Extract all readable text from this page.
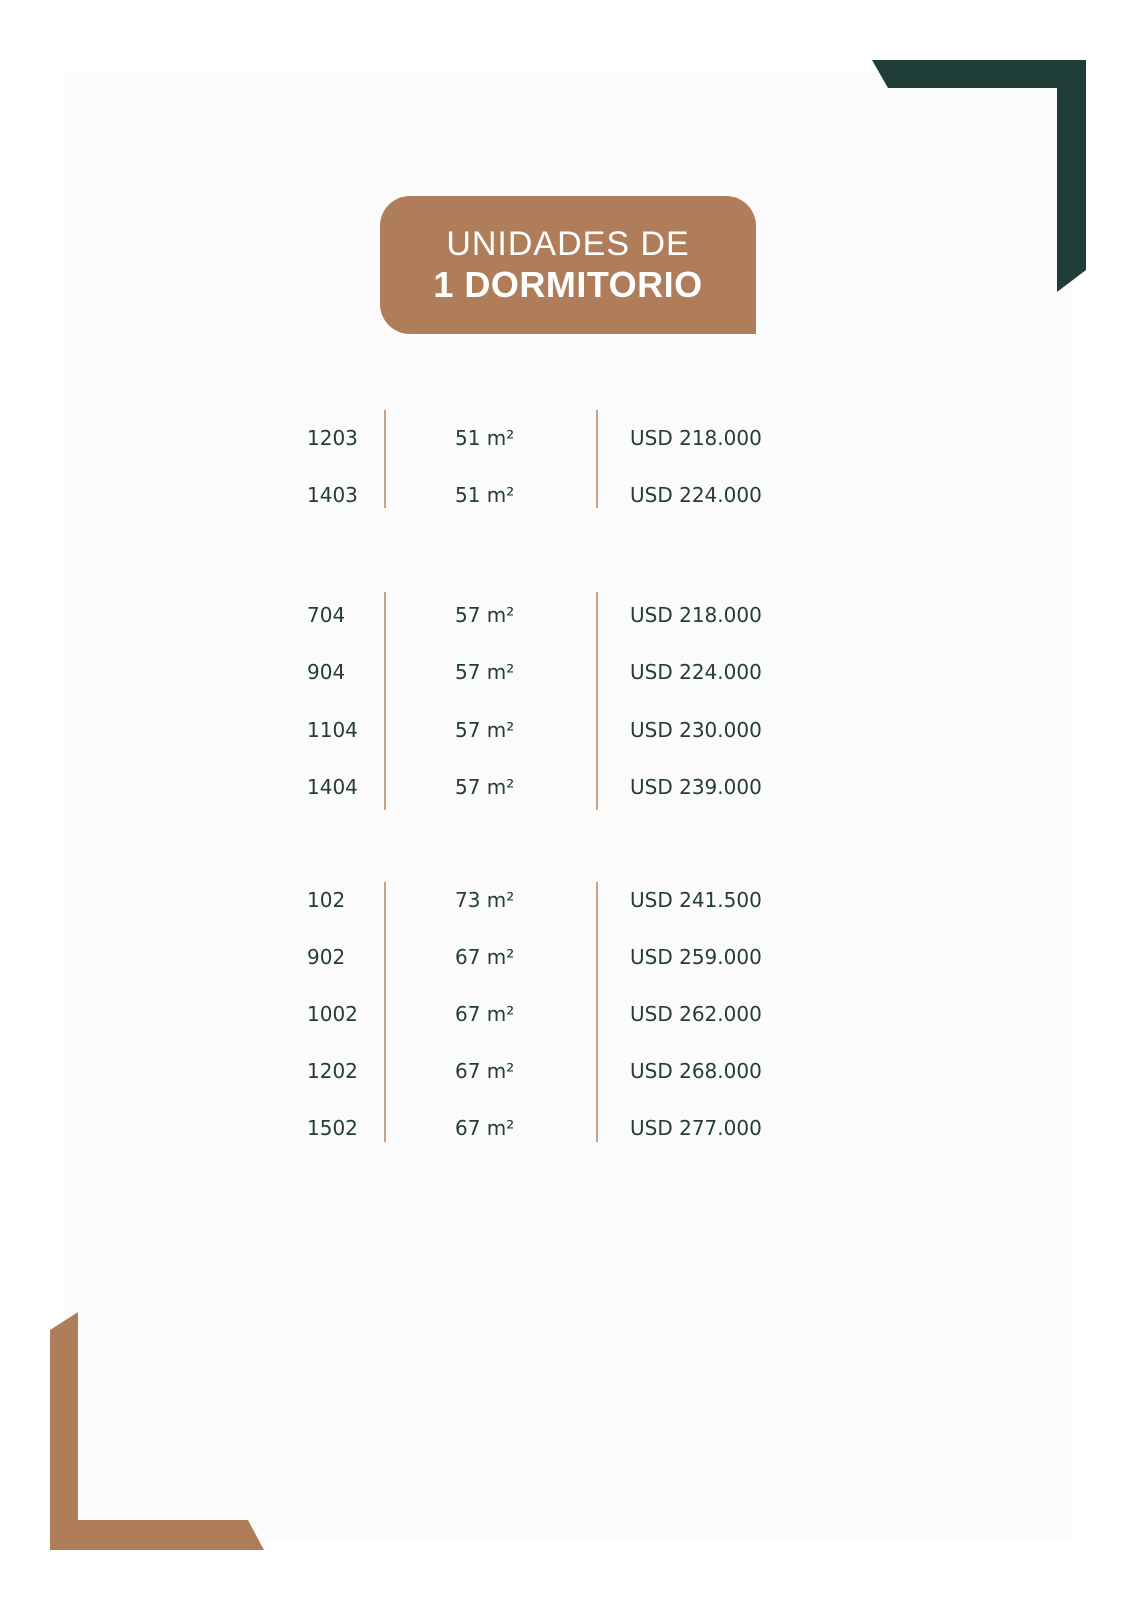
UNIDADES DE
1 DORMITORIO
1203	51 m²	USD 218.000
1403	51 m²	USD 224.000
704	57 m²	USD 218.000
904	57 m²	USD 224.000
1104	57 m²	USD 230.000
1404	57 m²	USD 239.000
102	73 m²	USD 241.500
902	67 m²	USD 259.000
1002	67 m²	USD 262.000
1202	67 m²	USD 268.000
1502	67 m²	USD 277.000
